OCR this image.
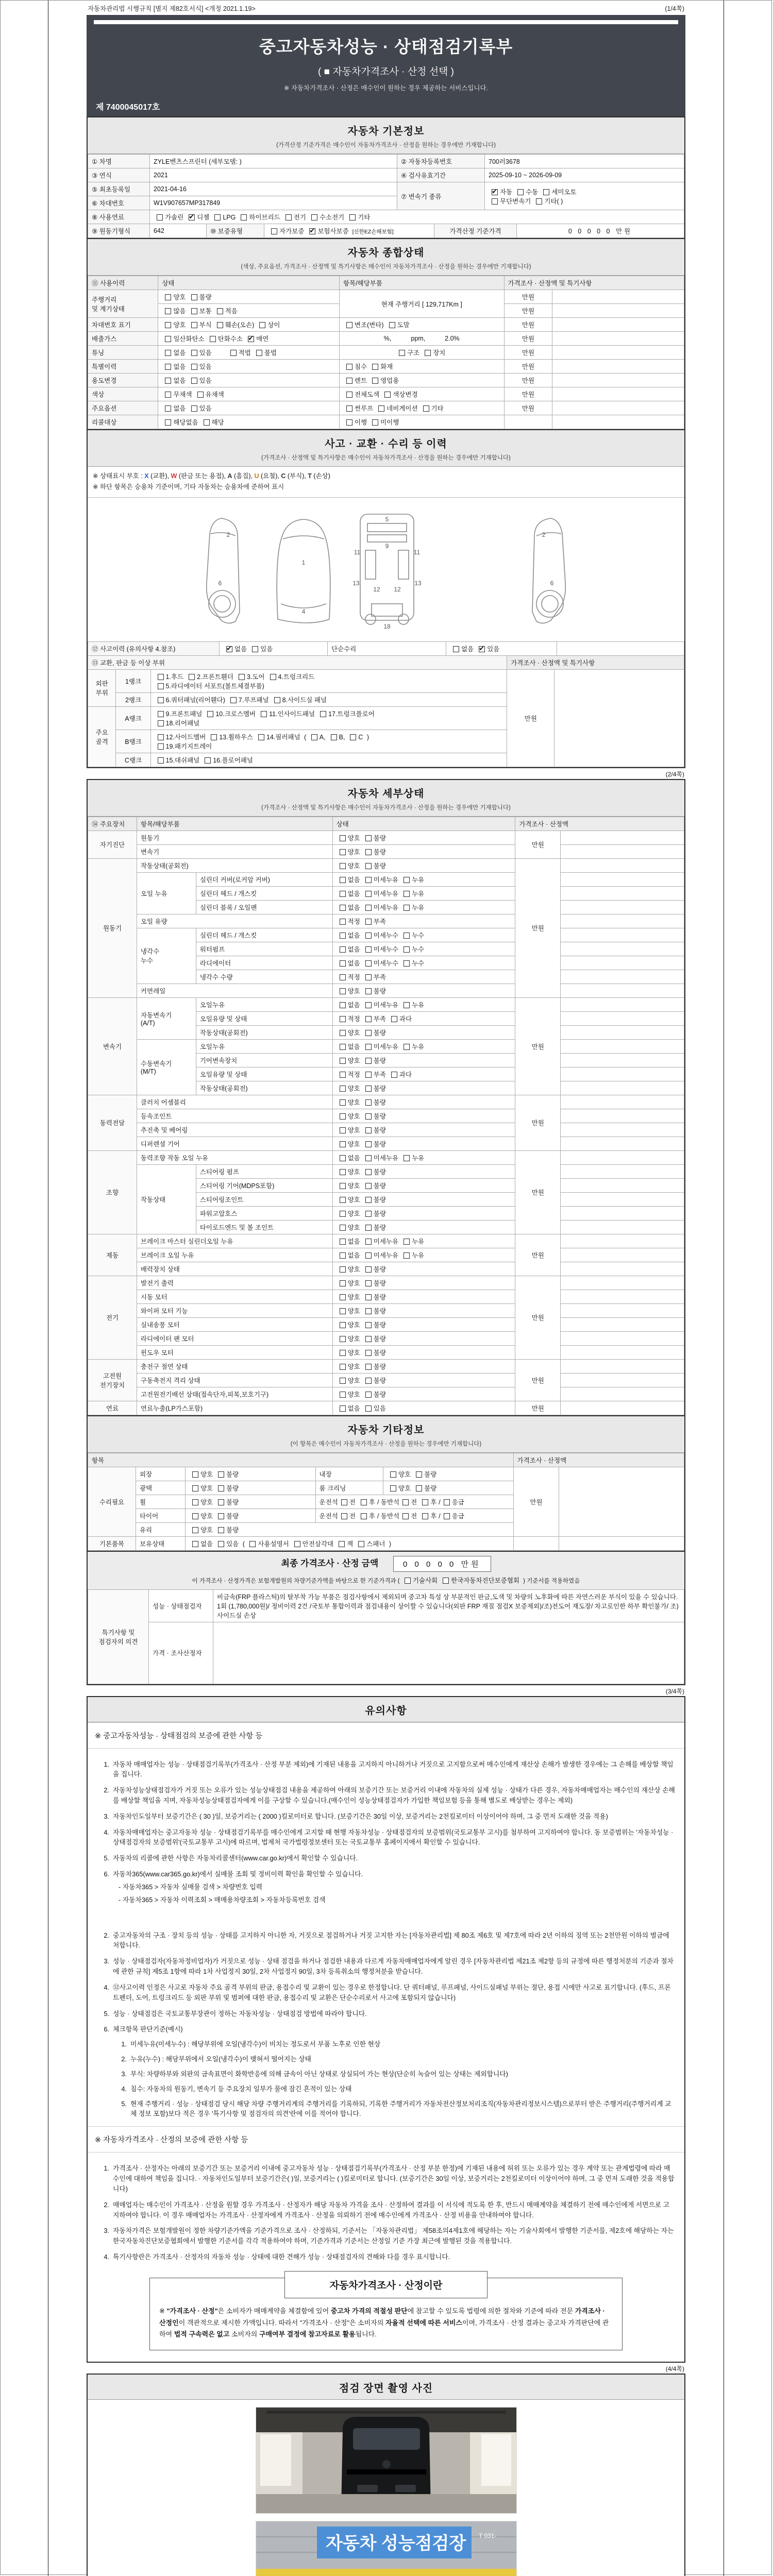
자동차관리법 시행규칙 [별지 제82호서식] <개정 2021.1.19>	(1/4쪽)
중고자동차성능 · 상태점검기록부
( ■ 자동차가격조사 · 산정 선택 )
※ 자동차가격조사 · 산정은 매수인이 원하는 경우 제공하는 서비스입니다.
제 7400045017호
자동차 기본정보
(가격산정 기준가격은 매수인이 자동차가격조사 · 산정을 원하는 경우에만 기재합니다)
① 차명	ZYLE벤츠스프린터 (세부모델: )	② 자동차등록번호	700러3678
③ 연식	2021	④ 검사유효기간	2025-09-10 ~ 2026-09-09
⑤ 최초등록일	2021-04-16	⑦ 변속기 종류	✔자동 수동 세미오토
무단변속기 기타( )
⑥ 차대번호	W1V907657MP317849		
⑧ 사용연료	가솔린 ✔ 디젤 LPG 하이브리드 전기 수소전기 기타
⑨ 원동기형식	642	⑩ 보증유형	자가보증 ✔ 보험사보증 [신한EZ손해보험]	가격산정 기준가격	0 0 0 0 0 만원
자동차 종합상태
(색상, 주요옵션, 가격조사 · 산정액 및 특기사항은 매수인이 자동차가격조사 · 산정을 원하는 경우에만 기재합니다)
⑪ 사용이력	상태	항목/해당부품	가격조사 · 산정액 및 특기사항	
주행거리
및 계기상태	양호 불량	현재 주행거리 [ 129,717Km ]	만원	
	많음 보통 적음		만원	
차대번호 표기	양호 부식 훼손(오손) 상이	변조(변타) 도말	만원	
배출가스	일산화탄소 탄화수소 ✔ 매연	%, ppm, 2.0%	만원	
튜닝	없음 있음 적법 불법	구조 장치	만원	
특별이력	없음 있음	침수 화재	만원	
용도변경	없음 있음	렌트 영업용	만원	
색상	무채색 유채색	전체도색 색상변경	만원	
주요옵션	없음 있음	썬루프 네비게이션 기타	만원	
리콜대상	해당없음 해당	이행 미이행		
사고 · 교환 · 수리 등 이력
(가격조사 · 산정액 및 특기사항은 매수인이 자동차가격조사 · 산정을 원하는 경우에만 기재합니다)
※ 상태표시 부호 : X (교환), W (판금 또는 용접), A (흠집), U (요철), C (부식), T (손상)
※ 하단 항목은 승용차 기준이며, 기타 자동차는 승용차에 준하여 표시
2
6
1
4
5
9
11	11
13	13
12 12
18
2
6
⑫ 사고이력 (유의사항 4.참조)	✔없음 있음	단순수리	없음 ✔ 있음	
⑬ 교환, 판금 등 이상 부위			가격조사 · 산정액 및 특기사항	
외판
부위	1랭크	1.후드 2.프론트휀더 3.도어 4.트렁크리드
5.라디에이터 서포트(볼트체결부품)	만원	
	2랭크	6.쿼터패널(리어휀다) 7.루프패널 8.사이드실 패널		
주요
골격	A랭크	9.프론트패널 10.크로스멤버 11.인사이드패널 17.트렁크플로어
18.리어패널		
	B랭크	12.사이드멤버 13.휠하우스 14.필러패널 ( A, B, C )
19.패키지트레이		
	C랭크	15.대쉬패널 16.플로어패널		
(2/4쪽)
자동차 세부상태
(가격조사 · 산정액 및 특기사항은 매수인이 자동차가격조사 · 산정을 원하는 경우에만 기재합니다)
⑭ 주요장치	항목/해당부품		상태	가격조사 · 산정액	
자기진단	원동기		양호 불량	만원	
	변속기		양호 불량		
원동기	작동상태(공회전)		양호 불량	만원	
	오일 누유	실린더 커버(로커암 커버)	없음 미세누유 누유		
		실린더 헤드 / 개스킷	없음 미세누유 누유		
		실린더 블록 / 오일팬	없음 미세누유 누유		
	오일 유량		적정 부족		
	냉각수
누수	실린더 헤드 / 개스킷	없음 미세누수 누수		
		워터펌프	없음 미세누수 누수		
		라디에이터	없음 미세누수 누수		
		냉각수 수량	적정 부족		
	커먼레일		양호 불량		
변속기	자동변속기
(A/T)	오일누유	없음 미세누유 누유	만원	
		오일유량 및 상태	적정 부족 과다		
		작동상태(공회전)	양호 불량		
	수동변속기
(M/T)	오일누유	없음 미세누유 누유		
		기어변속장치	양호 불량		
		오일유량 및 상태	적정 부족 과다		
		작동상태(공회전)	양호 불량		
동력전달	클러치 어셈블리		양호 불량	만원	
	등속조인트		양호 불량		
	추진축 및 베어링		양호 불량		
	디퍼렌셜 기어		양호 불량		
조향	동력조향 작동 오일 누유		없음 미세누유 누유	만원	
	작동상태	스티어링 펌프	양호 불량		
		스티어링 기어(MDPS포함)	양호 불량		
		스티어링조인트	양호 불량		
		파워고압호스	양호 불량		
		타이로드엔드 및 볼 조인트	양호 불량		
제동	브레이크 마스터 실린더오일 누유		없음 미세누유 누유	만원	
	브레이크 오일 누유		없음 미세누유 누유		
	배력장치 상태		양호 불량		
전기	발전기 출력		양호 불량	만원	
	시동 모터		양호 불량		
	와이퍼 모터 기능		양호 불량		
	실내송풍 모터		양호 불량		
	라디에이터 팬 모터		양호 불량		
	윈도우 모터		양호 불량		
고전원
전기장치	충전구 절연 상태		양호 불량	만원	
	구동축전지 격리 상태		양호 불량		
	고전원전기배선 상태(접속단자,피복,보호기구)		양호 불량		
연료	연료누출(LP가스포함)		없음 있음	만원	
자동차 기타정보
(이 항목은 매수인이 자동차가격조사 · 산정을 원하는 경우에만 기재합니다)
항목					가격조사 · 산정액	
수리필요	외장	양호 불량	내장	양호 불량	만원	
	광택	양호 불량	룸 크리닝	양호 불량		
	휠	양호 불량	운전석 전 후 / 동반석 전 후 / 응급			
	타이어	양호 불량	운전석 전 후 / 동반석 전 후 / 응급			
	유리	양호 불량				
기본품목	보유상태	없음 있음 ( 사용설명서 안전삼각대 잭 스패너 )				
최종 가격조사 · 산정 금액	0 0 0 0 0 만원
이 가격조사 · 산정가격은 보험개발원의 차량기준가액을 바탕으로 한 기준가격과 ( 기술사회 한국자동차진단보증협회 ) 기준서를 적용하였음
특기사항 및
점검자의 의견	성능 · 상태점검자	비금속(FRP 플라스틱)의 탈부착 가능 부품은 점검사항에서 제외되며 중고차 특성 상 부분적인 판금,도색 및 차량의 노후화에 따른 자연스러운 부식이 있을 수 있습니다. 1회 (1,780,000원)/ 정비이력 2건 /국토부 통합이력과 점검내용이 상이할 수 있습니다(외판 FRP 재질 점검X 보증제외)/조)전도어 재도장/ 차고로인한 하부 확인불가/ 조)사이드실 손상
	가격 · 조사산정자	
(3/4쪽)
유의사항
※ 중고자동차성능 · 상태점검의 보증에 관한 사항 등
1. 자동차 매매업자는 성능 · 상태점검기록부(가격조사 · 산정 부분 제외)에 기재된 내용을 고지하지 아니하거나 거짓으로 고지함으로써 매수인에게 재산상 손해가 발생한 경우에는 그 손해를 배상할 책임을 집니다.
2. 자동차성능상태점검자가 거짓 또는 오류가 있는 성능상태점검 내용을 제공하여 아래의 보증기간 또는 보증거리 이내에 자동차의 실제 성능 · 상태가 다른 경우, 자동차매매업자는 매수인의 재산상 손해를 배상할 책임을 지며, 자동차성능상태점검자에게 이를 구상할 수 있습니다.(매수인이 성능상태점검자가 가입한 책임보험 등을 통해 별도로 배상받는 경우는 제외)
3. 자동차인도일부터 보증기간은 ( 30 )일, 보증거리는 ( 2000 )킬로미터로 합니다. (보증기간은 30일 이상, 보증거리는 2천킬로미터 이상이어야 하며, 그 중 먼저 도래한 것을 적용)
4. 자동차매매업자는 중고자동차 성능 · 상태점검기록부를 매수인에게 고지할 때 현행 자동차성능 · 상태점검자의 보증범위(국토교통부 고시)를 첨부하여 고지하여야 합니다. 동 보증범위는 '자동차성능 · 상태점검자의 보증범위'(국토교통부 고시)에 따르며, 법제처 국가법령정보센터 또는 국토교통부 홈페이지에서 확인할 수 있습니다.
5. 자동차의 리콜에 관한 사항은 자동차리콜센터(www.car.go.kr)에서 확인할 수 있습니다.
6. 자동차365(www.car365.go.kr)에서 실매물 조회 및 정비이력 확인을 확인할 수 있습니다.
- 자동차365 > 자동차 실매물 검색 > 차량번호 입력
- 자동차365 > 자동차 이력조회 > 매매용차량조회 > 자동차등록번호 검색
2. 중고자동차의 구조 · 장치 등의 성능 · 상태를 고지하지 아니한 자, 거짓으로 점검하거나 거짓 고지한 자는 [자동차관리법] 제 80조 제6호 및 제7호에 따라 2년 이하의 징역 또는 2천만원 이하의 벌금에 처합니다.
3. 성능 · 상태점검자(자동차정비업자)가 거짓으로 성능 · 상태 점검을 하거나 점검한 내용과 다르게 자동차매매업자에게 알린 경우 [자동차관리법 제21조 제2항 등의 규정에 따른 행정처분의 기준과 절차에 관한 규칙] 제5조 1항에 따라 1차 사업정지 30일, 2차 사업정지 90일, 3차 등록취소의 행정처분을 받습니다.
4. ⑫사고이력 인정은 사고로 자동차 주요 골격 부위의 판금, 용접수리 및 교환이 있는 경우로 한정합니다. 단 쿼터패널, 루프패널, 사이드실패널 부위는 절단, 용접 시에만 사고로 표기합니다. (후드, 프론트펜더, 도어, 트렁크리드 등 외판 부위 및 범퍼에 대한 판금, 용접수리 및 교환은 단순수리로서 사고에 포함되지 않습니다)
5. 성능 · 상태점검은 국토교통부장관이 정하는 자동차성능 · 상태점검 방법에 따라야 합니다.
6. 체크항목 판단기준(예시)
1. 미세누유(미세누수) : 해당부위에 오일(냉각수)이 비치는 정도로서 부품 노후로 인한 현상
2. 누유(누수) : 해당부위에서 오일(냉각수)이 맺혀서 떨어지는 상태
3. 부식: 차량하부와 외판의 금속표면이 화학반응에 의해 금속이 아닌 상태로 상실되어 가는 현상(단순히 녹슬어 있는 상태는 제외합니다)
4. 침수: 자동차의 원동기, 변속기 등 주요장치 일부가 물에 잠긴 흔적이 있는 상태
5. 현재 주행거리 · 성능 · 상태점검 당시 해당 차량 주행거리계의 주행거리를 기록하되, 기록한 주행거리가 자동차전산정보처리조직(자동차관리정보시스템)으로부터 받은 주행거리(주행거리계 교체 정보 포함)보다 적은 경우 '특기사항 및 점검자의 의견'란에 이를 적어야 합니다.
※ 자동차가격조사 · 산정의 보증에 관한 사항 등
1. 가격조사 · 산정자는 아래의 보증기간 또는 보증거리 이내에 중고자동차 성능 · 상태점검기록부(가격조사 · 산정 부분 한정)에 기재된 내용에 허위 또는 오류가 있는 경우 계약 또는 관계법령에 따라 매수인에 대하여 책임을 집니다. · 자동차인도일부터 보증기간은( )일, 보증거리는 ( )킬로미터로 합니다. (보증기간은 30일 이상, 보증거리는 2천킬로미터 이상이어야 하며, 그 중 먼저 도래한 것을 적용합니다)
2. 매매업자는 매수인이 가격조사 · 산정을 원할 경우 가격조사 · 산정자가 해당 자동차 가격을 조사 · 산정하여 결과를 이 서식에 적도록 한 후, 반드시 매매계약을 체결하기 전에 매수인에게 서면으로 고지하여야 합니다. 이 경우 매매업자는 가격조사 · 산정자에게 가격조사 · 산정을 의뢰하기 전에 매수인에게 가격조사 · 산정 비용을 안내하여야 합니다.
3. 자동차가격은 보험개발원이 정한 차량기준가액을 기준가격으로 조사 · 산정하되, 기준서는 「자동차관리법」 제58조의4제1호에 해당하는 자는 기술사회에서 발행한 기준서를, 제2호에 해당하는 자는 한국자동차진단보증협회에서 발행한 기준서를 각각 적용하여야 하며, 기준가격과 기준서는 산정일 기준 가장 최근에 발행된 것을 적용합니다.
4. 특기사항란은 가격조사 · 산정자의 자동차 성능 · 상태에 대한 견해가 성능 · 상태점검자의 견해와 다를 경우 표시합니다.
자동차가격조사 · 산정이란
※ "가격조사 · 산정"은 소비자가 매매계약을 체결함에 있어 중고차 가격의 적절성 판단에 참고할 수 있도록 법령에 의한 절차와 기준에 따라 전문 가격조사 · 산정인이 객관적으로 제시한 가액입니다. 따라서 "가격조사 · 산정"은 소비자의 자율적 선택에 따른 서비스이며, 가격조사 · 산정 결과는 중고차 가격판단에 관하여 법적 구속력은 없고 소비자의 구매여부 결정에 참고자료로 활용됩니다.
(4/4쪽)
점검 장면 촬영 사진
자동차 성능점검장 T 031-
